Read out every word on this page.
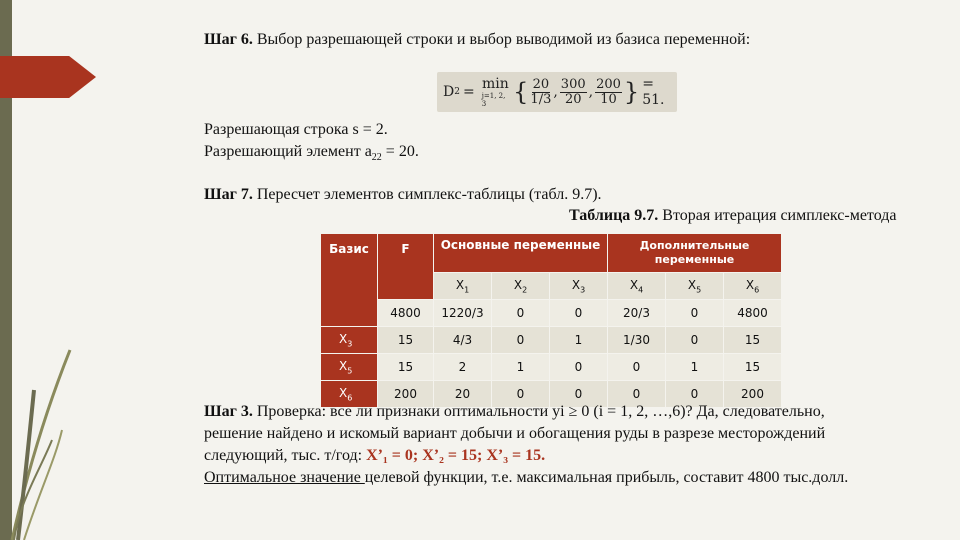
Шаг 6. Выбор разрешающей строки и выбор выводимой из базиса переменной:
D 2 = min
j=1, 2, 3	{ $\frac{20}{1/3}$ , $\frac{300}{20}$ , $\frac{200}{10}$ } = 51.
Разрешающая строка s = 2.
Разрешающий элемент $a_{22} = 20$.
Шаг 7. Пересчет элементов симплекс-таблицы (табл. 9.7).
Таблица 9.7. Вторая итерация симплекс-метода
Базис	F	Основные переменные			Дополнительные переменные		
		$X_1$	$X_2$	$X_3$	$X_4$	$X_5$	$X_6$
	4800	1220/3	0	0	20/3	0	4800
$X_3$	15	4/3	0	1	1/30	0	15
$X_5$	15	2	1	0	0	1	15
$X_6$	200	20	0	0	0	0	200
Шаг 3. Проверка: все ли признаки оптимальности yi ≥ 0 (i = 1, 2, …,6)? Да, следовательно,
решение найдено и искомый вариант добычи и обогащения руды в разрезе месторождений
следующий, тыс. т/год: X’₁ = 0; X’₂ = 15; X’₃ = 15.
Оптимальное значение целевой функции, т.е. максимальная прибыль, составит 4800 тыс.долл.
